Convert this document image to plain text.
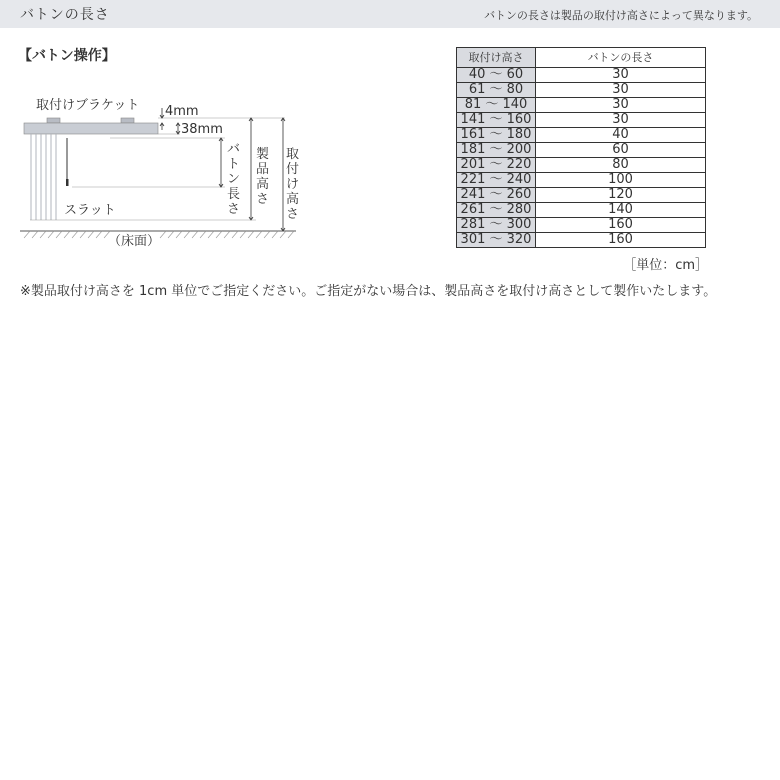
バトンの長さ	バトンの長さは製品の取付け高さによって異なります。
【バトン操作】
取付けブラケット
スラット
4mm
38mm
バ
ト
ン
長
さ
製
品
高
さ
取
付
け
高
さ
（床面）
取付け高さ	バトンの長さ
40 〜 60	30
61 〜 80	30
81 〜 140	30
141 〜 160	30
161 〜 180	40
181 〜 200	60
201 〜 220	80
221 〜 240	100
241 〜 260	120
261 〜 280	140
281 〜 300	160
301 〜 320	160
［単位：cm］
※製品取付け高さを 1cm 単位でご指定ください。ご指定がない場合は、製品高さを取付け高さとして製作いたします。
